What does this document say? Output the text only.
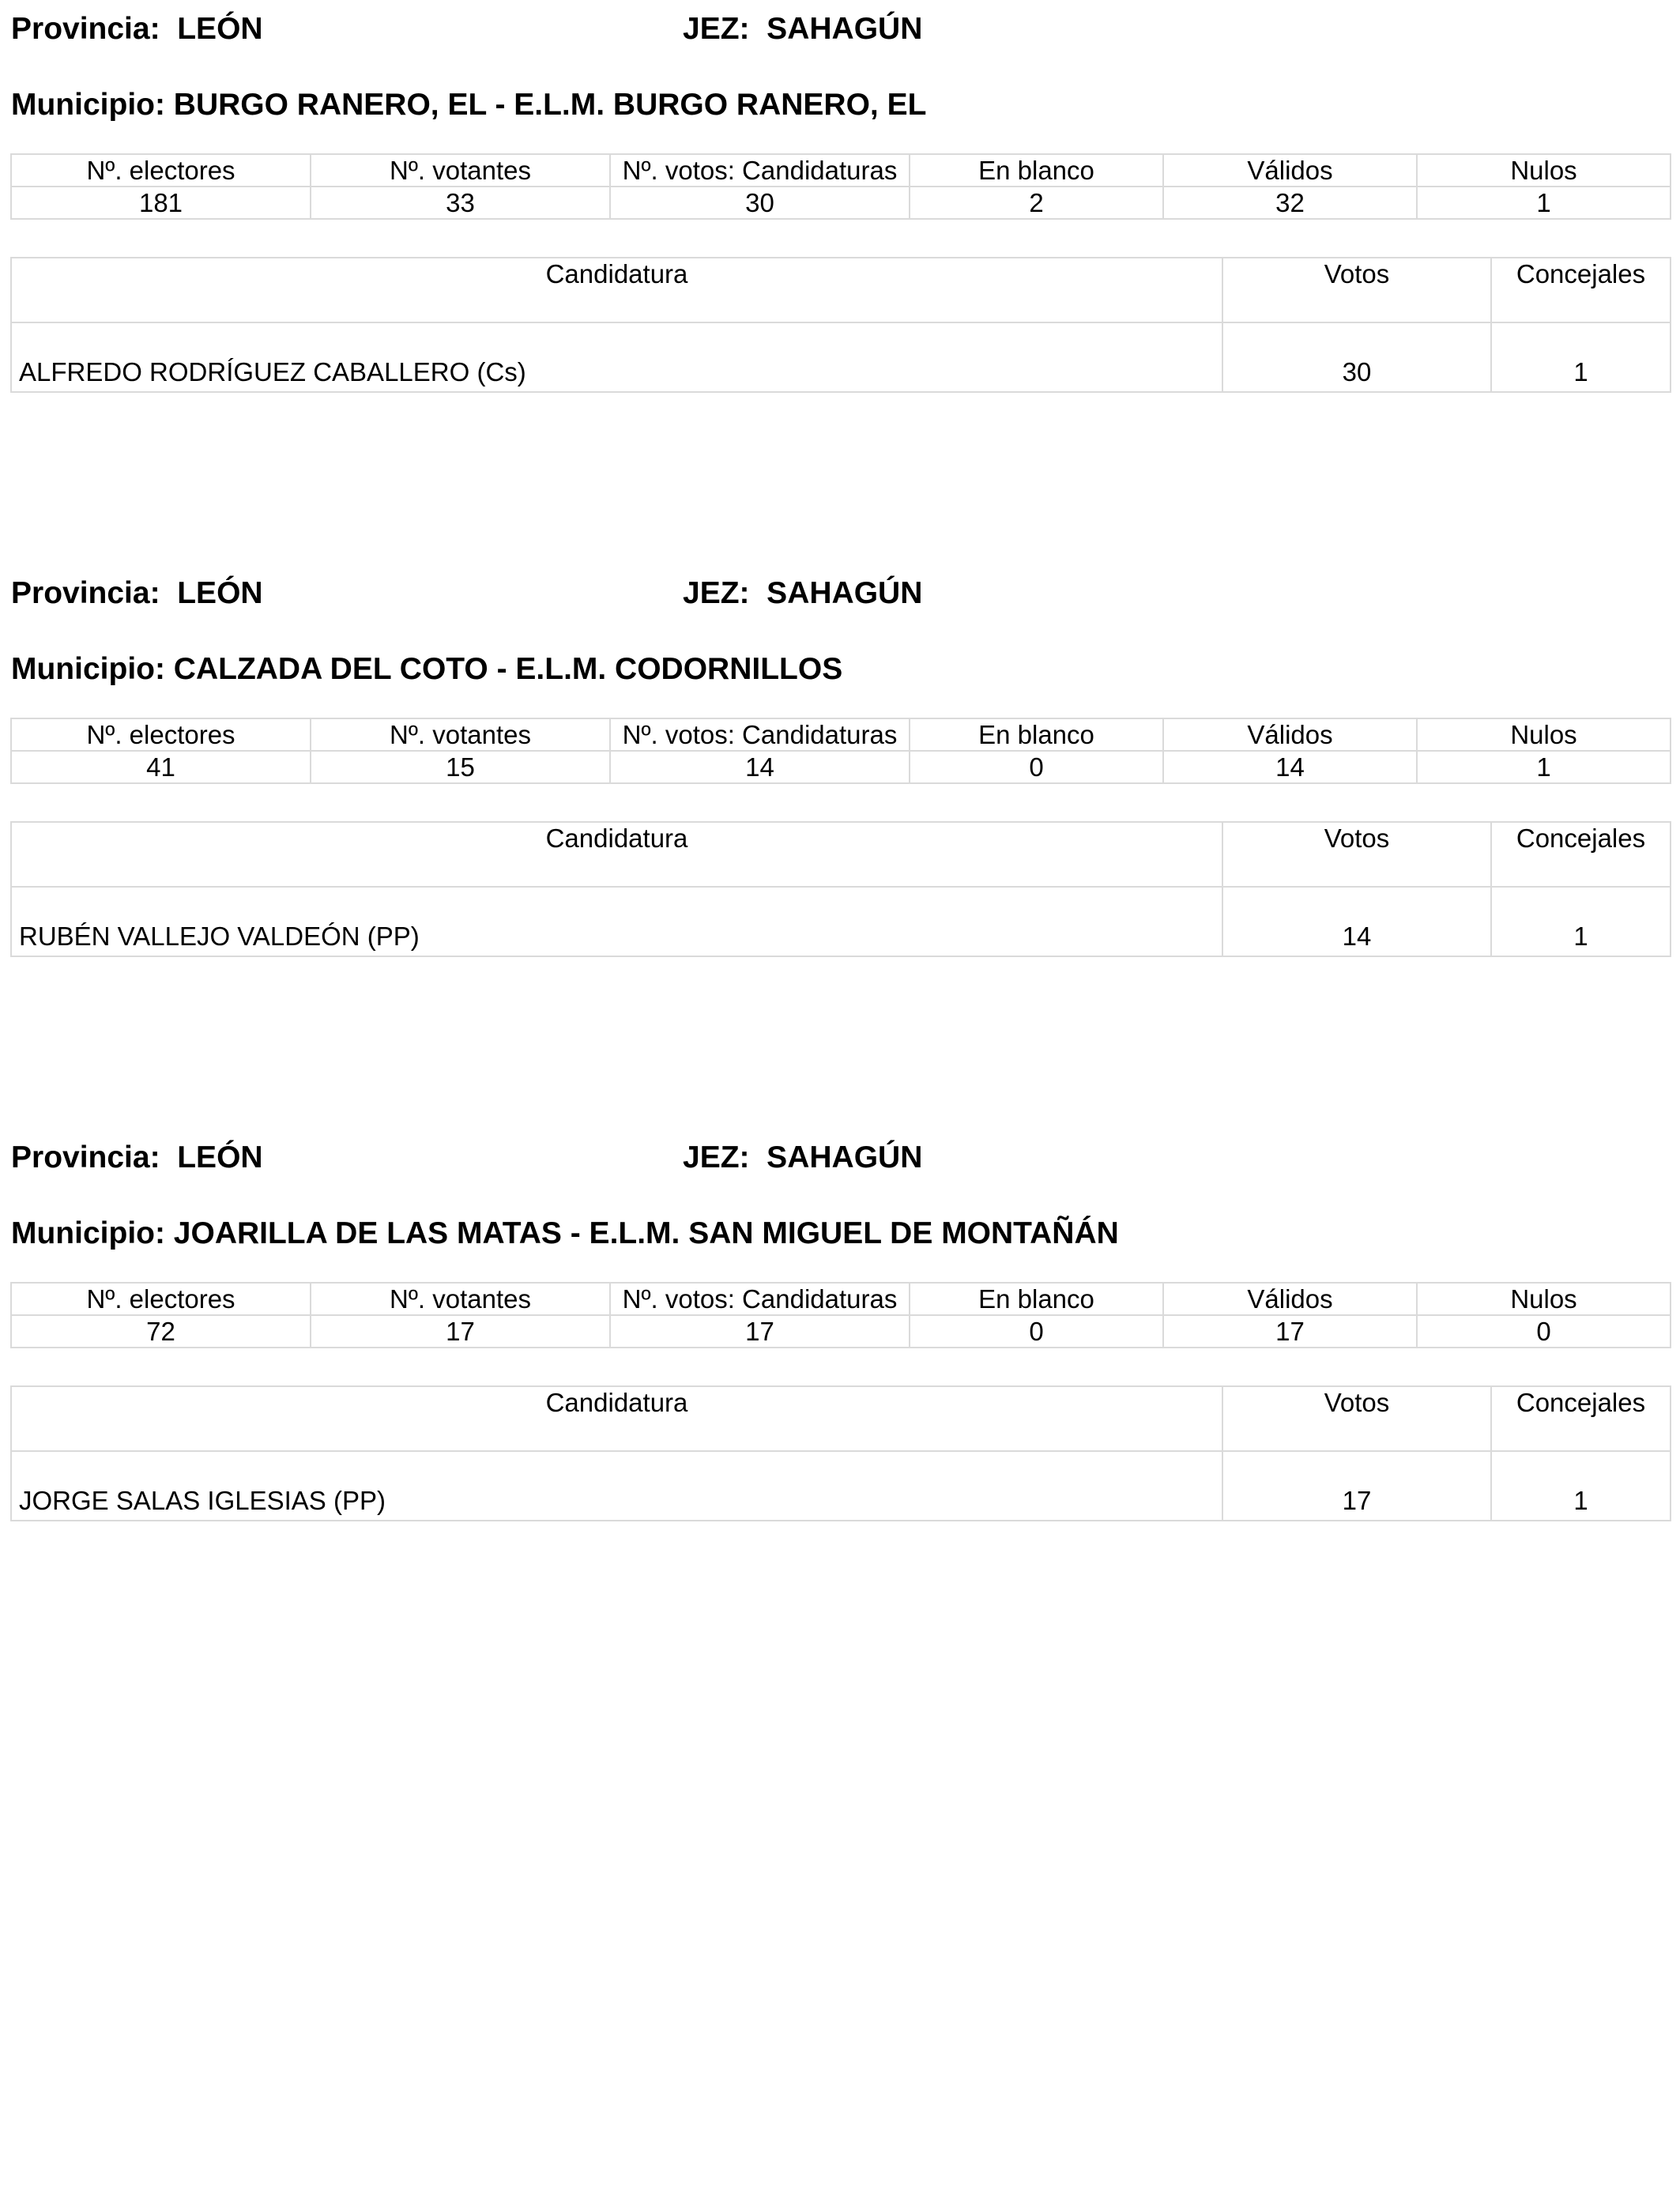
Provincia:  LEÓN	JEZ:  SAHAGÚN
Municipio: BURGO RANERO, EL - E.L.M. BURGO RANERO, EL
Nº. electores	Nº. votantes	Nº. votos: Candidaturas	En blanco	Válidos	Nulos
181	33	30	2	32	1
Candidatura	Votos	Concejales
ALFREDO RODRÍGUEZ CABALLERO (Cs)	30	1
Provincia:  LEÓN	JEZ:  SAHAGÚN
Municipio: CALZADA DEL COTO - E.L.M. CODORNILLOS
Nº. electores	Nº. votantes	Nº. votos: Candidaturas	En blanco	Válidos	Nulos
41	15	14	0	14	1
Candidatura	Votos	Concejales
RUBÉN VALLEJO VALDEÓN (PP)	14	1
Provincia:  LEÓN	JEZ:  SAHAGÚN
Municipio: JOARILLA DE LAS MATAS - E.L.M. SAN MIGUEL DE MONTAÑÁN
Nº. electores	Nº. votantes	Nº. votos: Candidaturas	En blanco	Válidos	Nulos
72	17	17	0	17	0
Candidatura	Votos	Concejales
JORGE SALAS IGLESIAS (PP)	17	1
